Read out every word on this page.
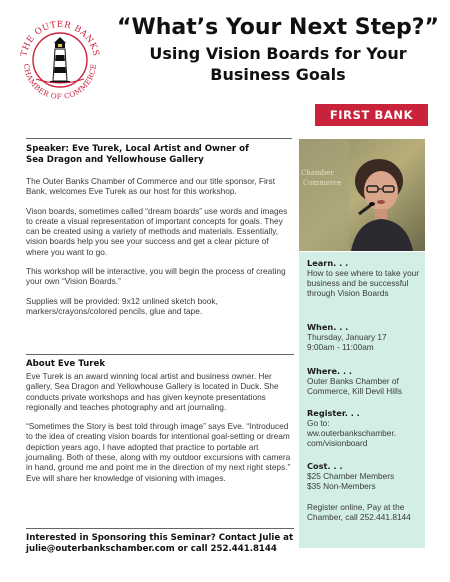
THE OUTER BANKS
CHAMBER OF COMMERCE
“What’s Your Next Step?”
Using Vision Boards for Your
Business Goals
FIRST BANK
Speaker: Eve Turek, Local Artist and Owner of
Sea Dragon and Yellowhouse Gallery

The Outer Banks Chamber of Commerce and our title sponsor, First Bank, welcomes Eve Turek as our host for this workshop.

Vison boards, sometimes called “dream boards” use words and images to create a visual representation of important concepts for goals. They can be created using a variety of methods and materials. Essentially, vision boards help you see your success and get a clear picture of where you want to go.

This workshop will be interactive, you will begin the process of creating your own “Vision Boards.”

Supplies will be provided: 9x12 unlined sketch book, markers/crayons/colored pencils, glue and tape.

About Eve Turek

Eve Turek is an award winning local artist and business owner. Her gallery, Sea Dragon and Yellowhouse Gallery is located in Duck. She conducts private workshops and has given keynote presentations regionally and teaches photography and art journaling.

“Sometimes the Story is best told through image” says Eve. “Introduced to the idea of creating vision boards for intentional goal-setting or dream depiction years ago, I have adopted that practice to portable art journaling. Both of these, along with my outdoor excursions with camera in hand, ground me and point me in the direction of my next right steps.” Eve will share her knowledge of visioning with images.

Interested in Sponsoring this Seminar? Contact Julie at
julie@outerbankschamber.com or call 252.441.8144
Chamber
Commerce
Learn. . .
How to see where to take your business and be successful through Vision Boards
When. . .
Thursday, January 17
9:00am - 11:00am
Where. . .
Outer Banks Chamber of Commerce, Kill Devil Hills
Register. . .
Go to:
ww.outerbankschamber.
com/visionboard
Cost. . .
$25 Chamber Members
$35 Non-Members
Register online, Pay at the Chamber, call 252.441.8144
